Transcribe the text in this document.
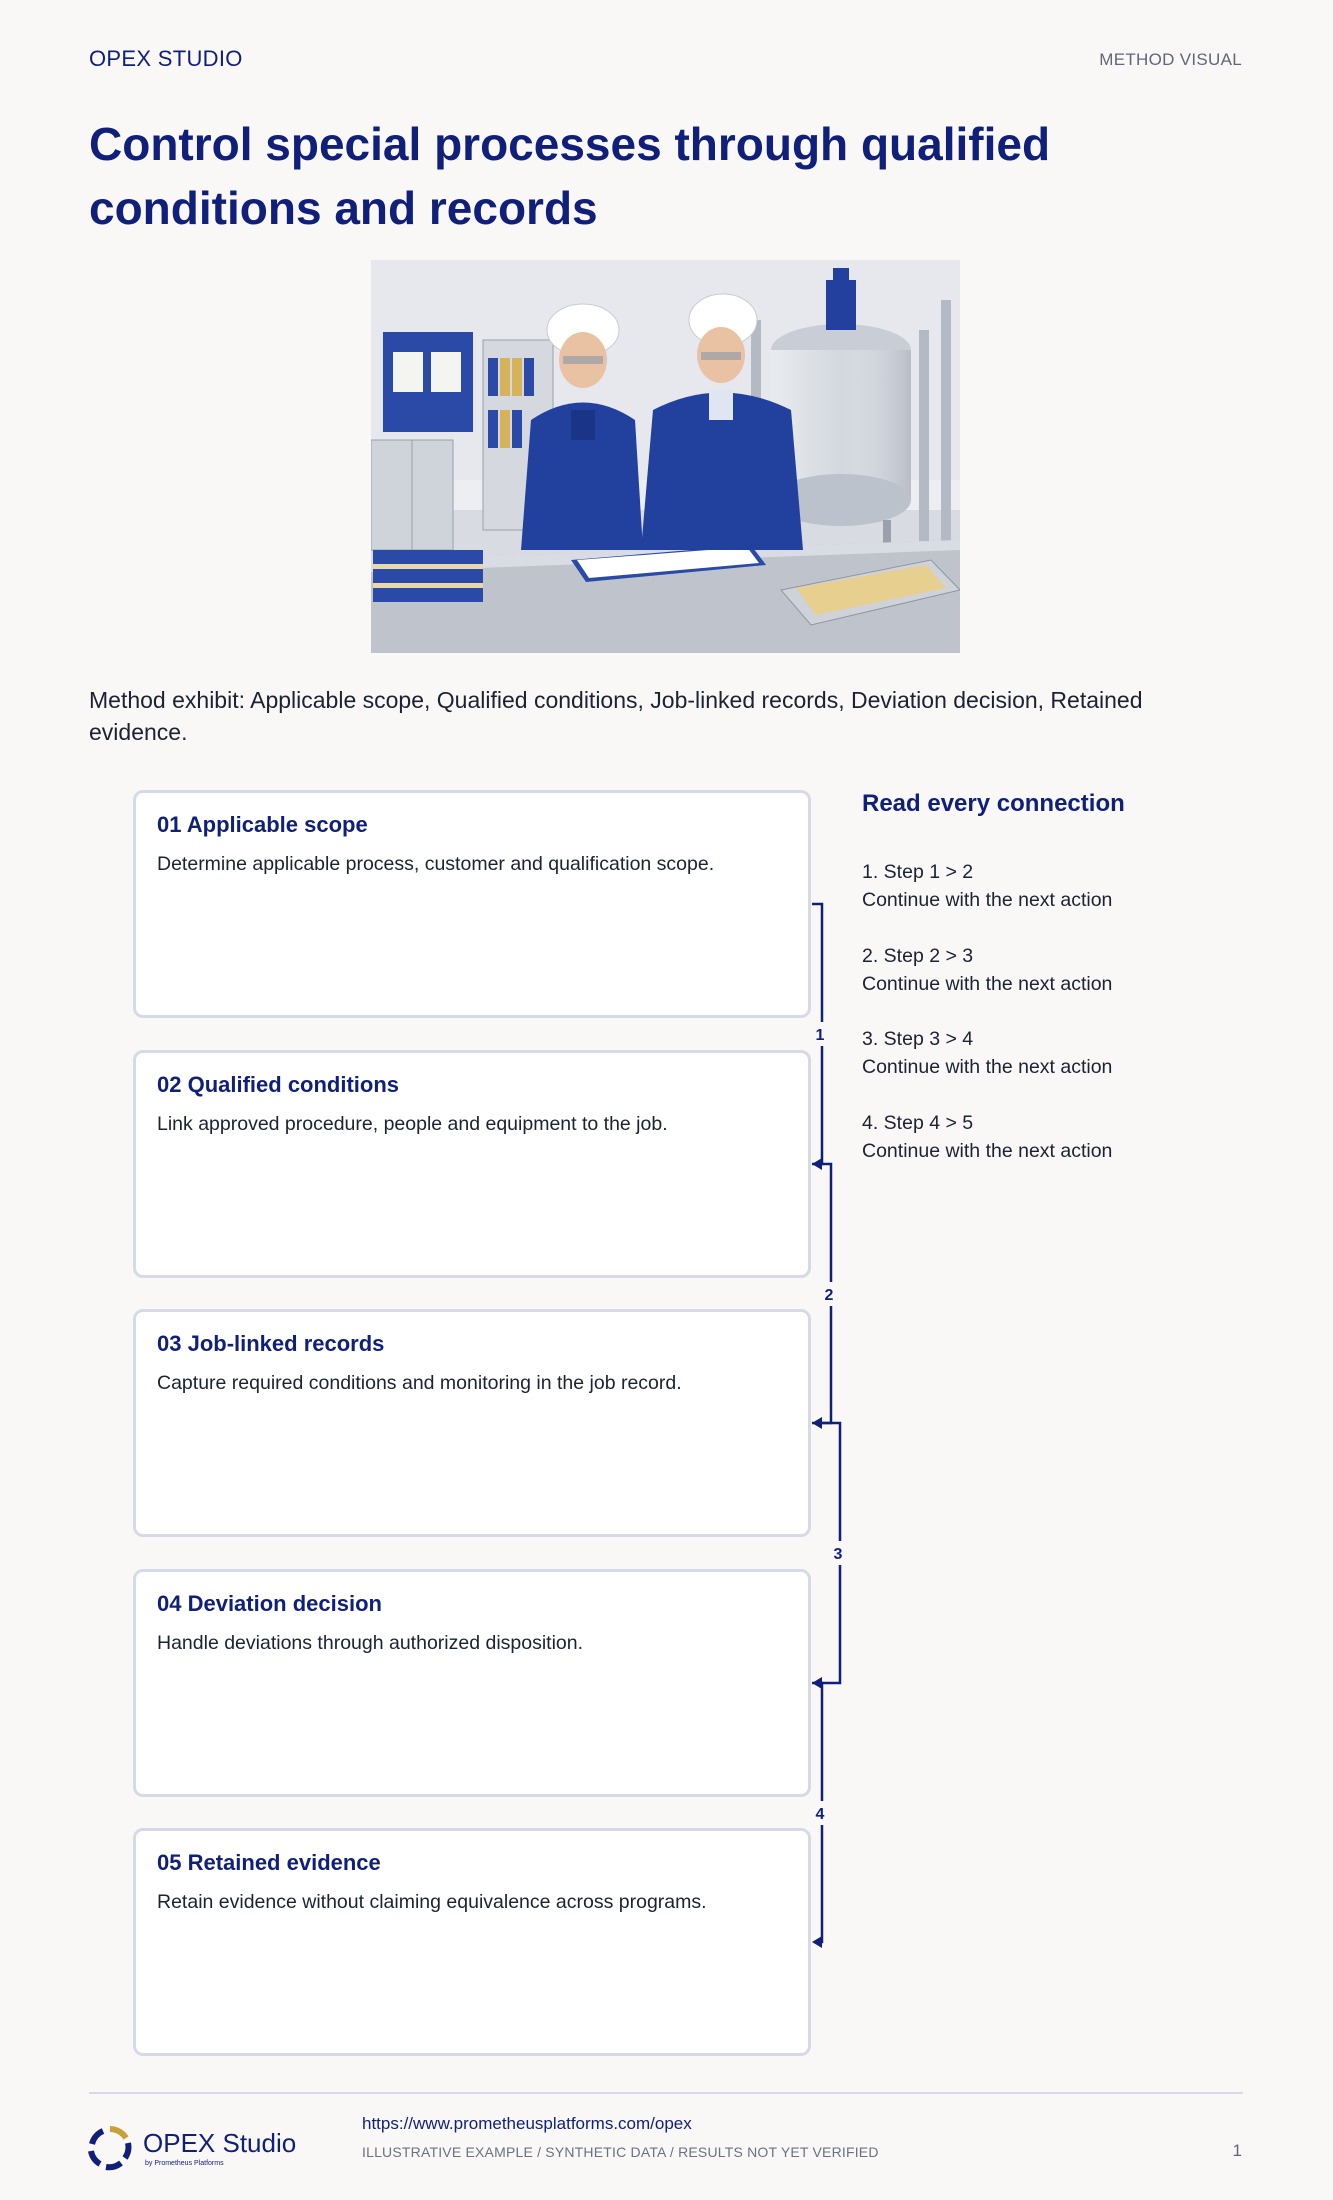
OPEX STUDIO	METHOD VISUAL
Control special processes through qualified conditions and records

Method exhibit: Applicable scope, Qualified conditions, Job-linked records, Deviation decision, Retained evidence.

01 Applicable scope
Determine applicable process, customer and qualification scope.
02 Qualified conditions
Link approved procedure, people and equipment to the job.
03 Job-linked records
Capture required conditions and monitoring in the job record.
04 Deviation decision
Handle deviations through authorized disposition.
05 Retained evidence
Retain evidence without claiming equivalence across programs.
1
2
3
4
Read every connection
1. Step 1 > 2
Continue with the next action
2. Step 2 > 3
Continue with the next action
3. Step 3 > 4
Continue with the next action
4. Step 4 > 5
Continue with the next action
OPEX Studio
by Prometheus Platforms
https://www.prometheusplatforms.com/opex
ILLUSTRATIVE EXAMPLE / SYNTHETIC DATA / RESULTS NOT YET VERIFIED	1
